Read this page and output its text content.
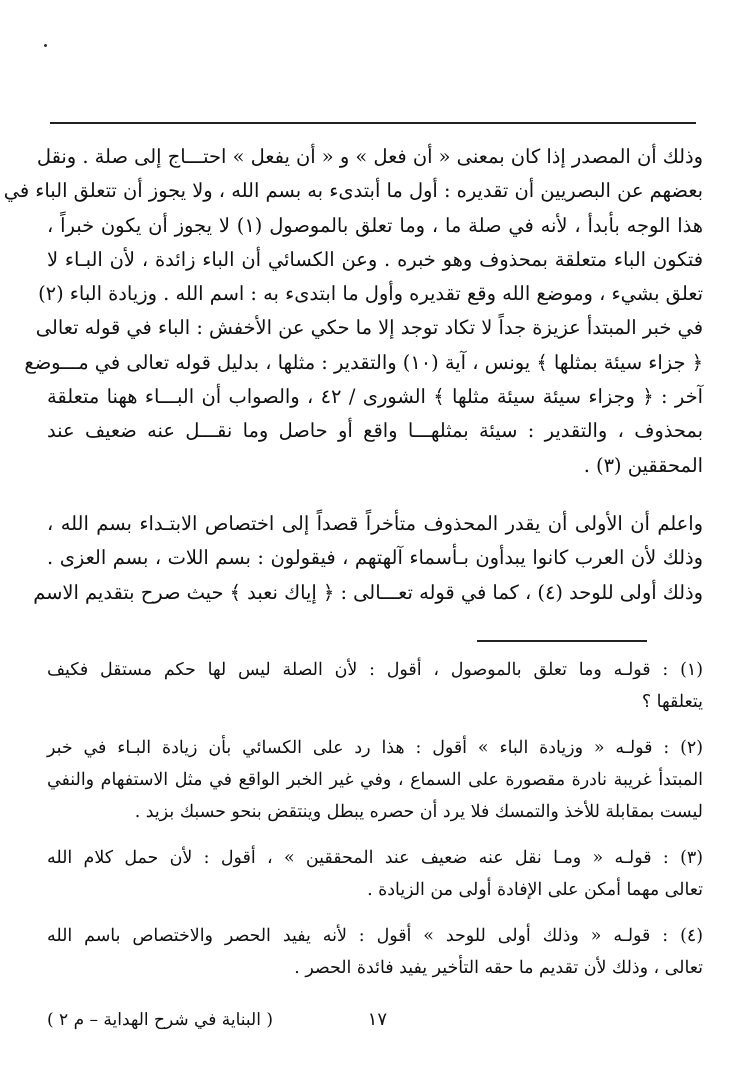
وذلك أن المصدر إذا كان بمعنى « أن فعل » و « أن يفعل » احتـــاج إلى صلة . ونقل
بعضهم عن البصريين أن تقديره : أول ما أبتدىء به بسم الله ، ولا يجوز أن تتعلق الباء في
هذا الوجه بأبدأ ، لأنه في صلة ما ، وما تعلق بالموصول (١) لا يجوز أن يكون خبراً ،
فتكون الباء متعلقة بمحذوف وهو خبره . وعن الكسائي أن الباء زائدة ، لأن البـاء لا
تعلق بشيء ، وموضع الله وقع تقديره وأول ما ابتدىء به : اسم الله . وزيادة الباء (٢)
في خبر المبتدأ عزيزة جداً لا تكاد توجد إلا ما حكي عن الأخفش : الباء في قوله تعالى
﴿ جزاء سيئة بمثلها ﴾ يونس ، آية (١٠) والتقدير : مثلها ، بدليل قوله تعالى في مـــوضع
آخر : ﴿ وجزاء سيئة سيئة مثلها ﴾ الشورى / ٤٢ ، والصواب أن البـــاء ههنا متعلقة
بمحذوف ، والتقدير : سيئة بمثلهـــا واقع أو حاصل وما نقـــل عنه ضعيف عند
المحققين (٣) .
واعلم أن الأولى أن يقدر المحذوف متأخراً قصداً إلى اختصاص الابتـداء بسم الله ،
وذلك لأن العرب كانوا يبدأون بـأسماء آلهتهم ، فيقولون : بسم اللات ، بسم العزى .
وذلك أولى للوحد (٤) ، كما في قوله تعـــالى : ﴿ إياك نعبد ﴾ حيث صرح بتقديم الاسم
(١) : قولـه وما تعلق بالموصول ، أقول : لأن الصلة ليس لها حكم مستقل فكيف
يتعلقها ؟
(٢) : قولـه « وزيادة الباء » أقول : هذا رد على الكسائي بأن زيادة البـاء في خبر
المبتدأ غريبة نادرة مقصورة على السماع ، وفي غير الخبر الواقع في مثل الاستفهام والنفي
ليست بمقابلة للأخذ والتمسك فلا يرد أن حصره يبطل وينتقض بنحو حسبك بزيد .
(٣) : قولـه « ومـا نقل عنه ضعيف عند المحققين » ، أقول : لأن حمل كلام الله
تعالى مهما أمكن على الإفادة أولى من الزيادة .
(٤) : قولـه « وذلك أولى للوحد » أقول : لأنه يفيد الحصر والاختصاص باسم الله
تعالى ، وذلك لأن تقديم ما حقه التأخير يفيد فائدة الحصر .
١٧
( البناية في شرح الهداية – م ٢ )
